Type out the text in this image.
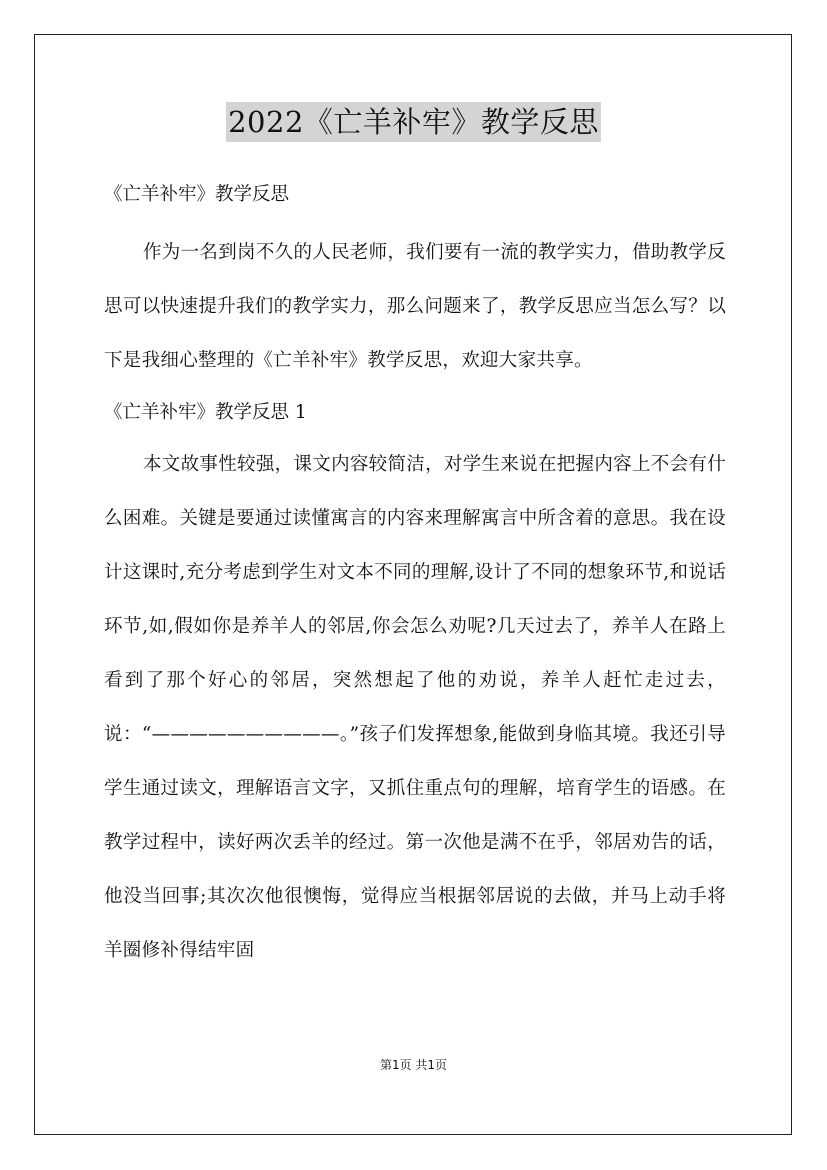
2022《亡羊补牢》教学反思

《亡羊补牢》教学反思

作为一名到岗不久的人民老师，我们要有一流的教学实力，借助教学反思可以快速提升我们的教学实力，那么问题来了，教学反思应当怎么写？以下是我细心整理的《亡羊补牢》教学反思，欢迎大家共享。

《亡羊补牢》教学反思 1

本文故事性较强，课文内容较简洁，对学生来说在把握内容上不会有什么困难。关键是要通过读懂寓言的内容来理解寓言中所含着的意思。我在设计这课时,充分考虑到学生对文本不同的理解,设计了不同的想象环节,和说话环节,如,假如你是养羊人的邻居,你会怎么劝呢?几天过去了，养羊人在路上看到了那个好心的邻居，突然想起了他的劝说，养羊人赶忙走过去，说：“——————————。”孩子们发挥想象,能做到身临其境。我还引导学生通过读文，理解语言文字，又抓住重点句的理解，培育学生的语感。在教学过程中，读好两次丢羊的经过。第一次他是满不在乎，邻居劝告的话，他没当回事;其次次他很懊悔，觉得应当根据邻居说的去做，并马上动手将羊圈修补得结牢固

第1页 共1页
